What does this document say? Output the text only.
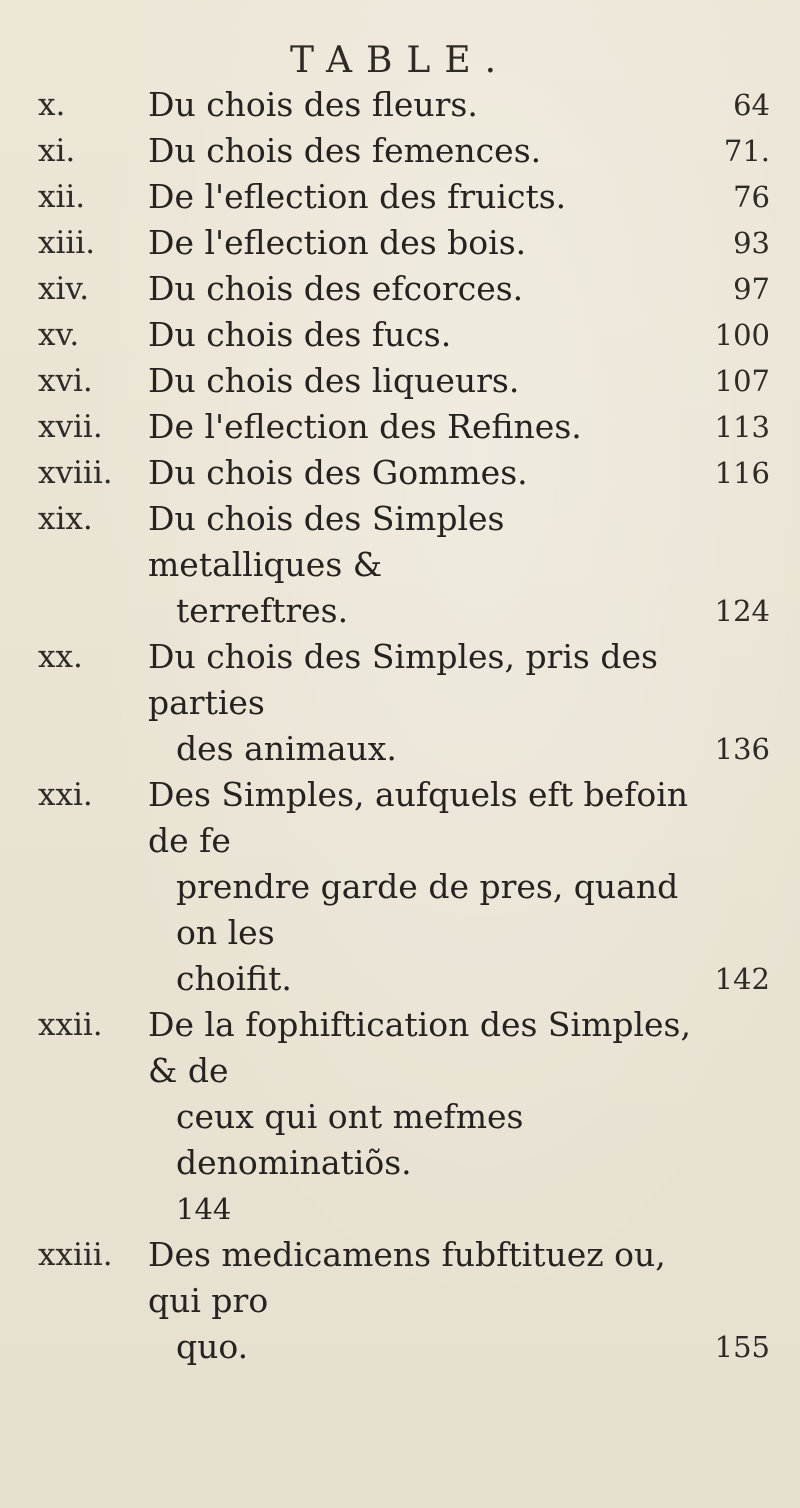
TABLE.
x.	Du chois des fleurs.	64
xi.	Du chois des femences.	71.
xii.	De l'eflection des fruicts.	76
xiii.	De l'eflection des bois.	93
xiv.	Du chois des efcorces.	97
xv.	Du chois des fucs.	100
xvi.	Du chois des liqueurs.	107
xvii.	De l'eflection des Refines.	113
xviii.	Du chois des Gommes.	116
xix.	Du chois des Simples metalliques &
terreftres.	124
xx.	Du chois des Simples, pris des parties
des animaux.	136
xxi.	Des Simples, aufquels eft befoin de fe
prendre garde de pres, quand on les
choifit.	142
xxii.	De la fophiftication des Simples, & de
ceux qui ont mefmes denominatiõs.
144
xxiii.	Des medicamens fubftituez ou, qui pro
quo.	155
